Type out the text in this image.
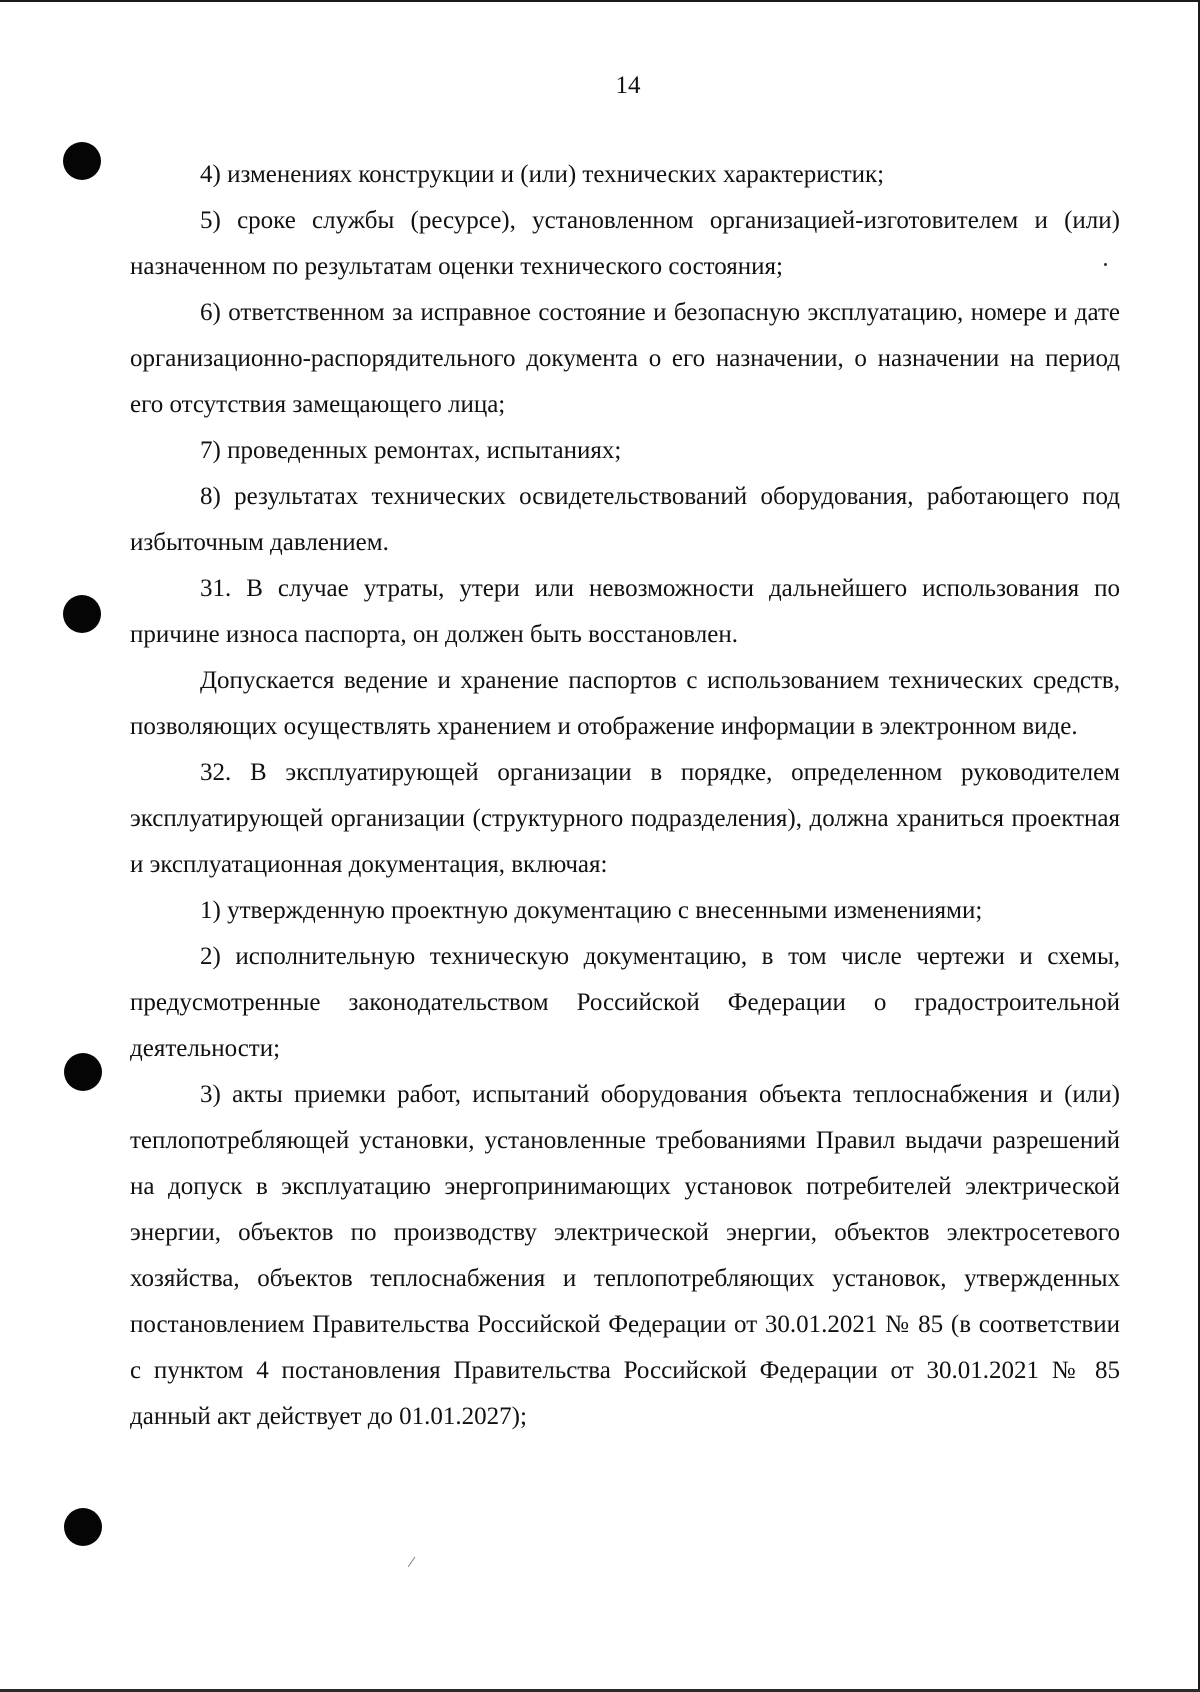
14

4) изменениях конструкции и (или) технических характеристик;

5) сроке службы (ресурсе), установленном организацией-изготовителем и (или) назначенном по результатам оценки технического состояния;

6) ответственном за исправное состояние и безопасную эксплуатацию, номере и дате организационно-распорядительного документа о его назначении, о назначении на период его отсутствия замещающего лица;

7) проведенных ремонтах, испытаниях;

8) результатах технических освидетельствований оборудования, работающего под избыточным давлением.

31. В случае утраты, утери или невозможности дальнейшего использования по причине износа паспорта, он должен быть восстановлен.

Допускается ведение и хранение паспортов с использованием технических средств, позволяющих осуществлять хранением и отображение информации в электронном виде.

32. В эксплуатирующей организации в порядке, определенном руководителем эксплуатирующей организации (структурного подразделения), должна храниться проектная и эксплуатационная документация, включая:

1) утвержденную проектную документацию с внесенными изменениями;

2) исполнительную техническую документацию, в том числе чертежи и схемы, предусмотренные законодательством Российской Федерации о градостроительной деятельности;

3) акты приемки работ, испытаний оборудования объекта теплоснабжения и (или) теплопотребляющей установки, установленные требованиями Правил выдачи разрешений на допуск в эксплуатацию энергопринимающих установок потребителей электрической энергии, объектов по производству электрической энергии, объектов электросетевого хозяйства, объектов теплоснабжения и теплопотребляющих установок, утвержденных постановлением Правительства Российской Федерации от 30.01.2021 № 85 (в соответствии с пунктом 4 постановления Правительства Российской Федерации от 30.01.2021 № 85 данный акт действует до 01.01.2027);
